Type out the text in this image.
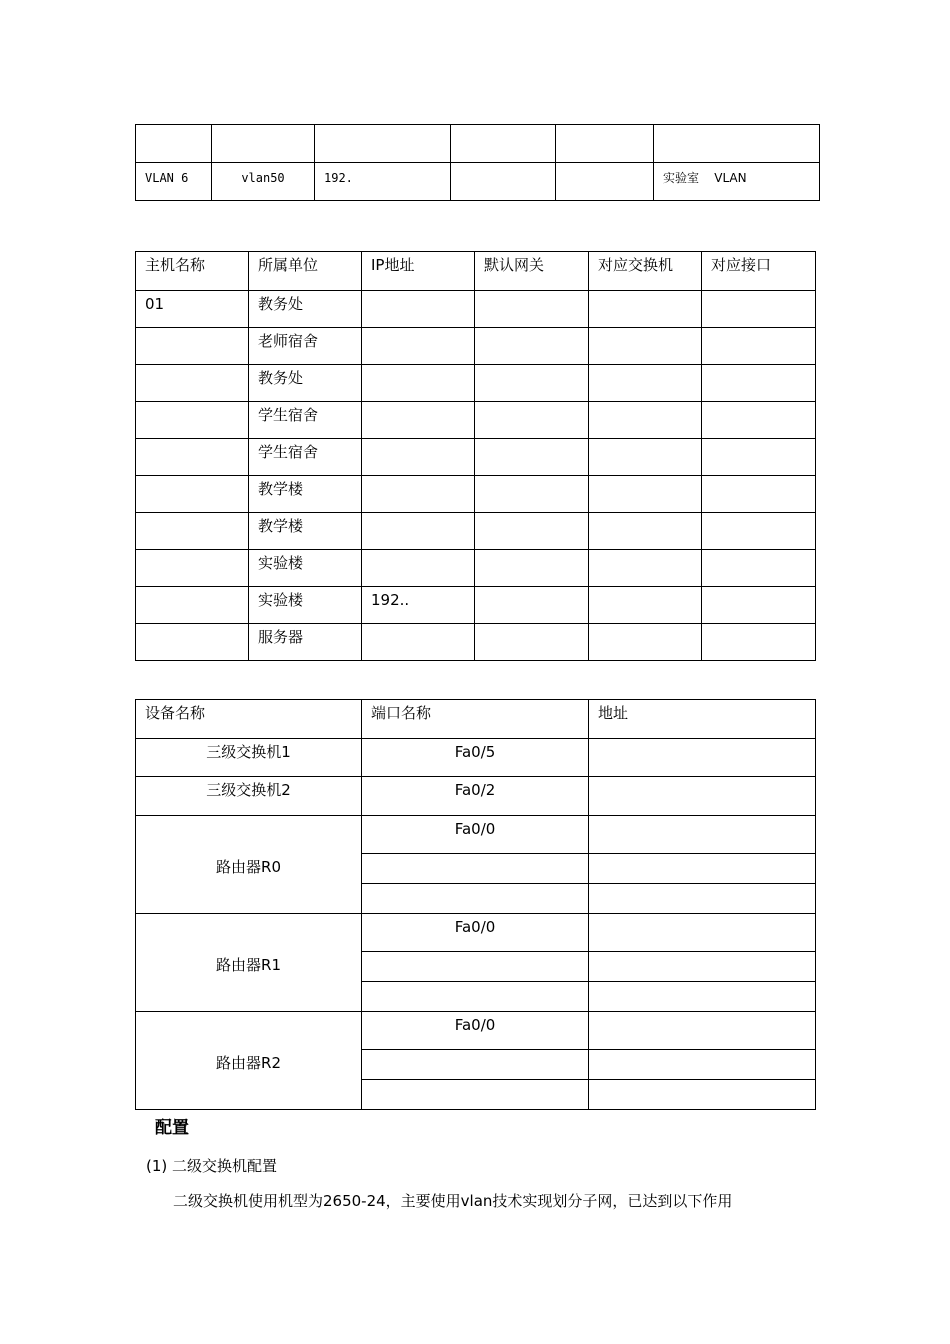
VLAN 6	vlan50	192.			实验室    VLAN
主机名称	所属单位	IP地址	默认网关	对应交换机	对应接口
01	教务处				
	老师宿舍				
	教务处				
	学生宿舍				
	学生宿舍				
	教学楼				
	教学楼				
	实验楼				
	实验楼	192..			
	服务器				
设备名称	端口名称	地址
三级交换机1	Fa0/5	
三级交换机2	Fa0/2	
路由器R0	Fa0/0	

路由器R1	Fa0/0	

路由器R2	Fa0/0	

配置
(1) 二级交换机配置
二级交换机使用机型为2650-24，主要使用vlan技术实现划分子网，已达到以下作用
